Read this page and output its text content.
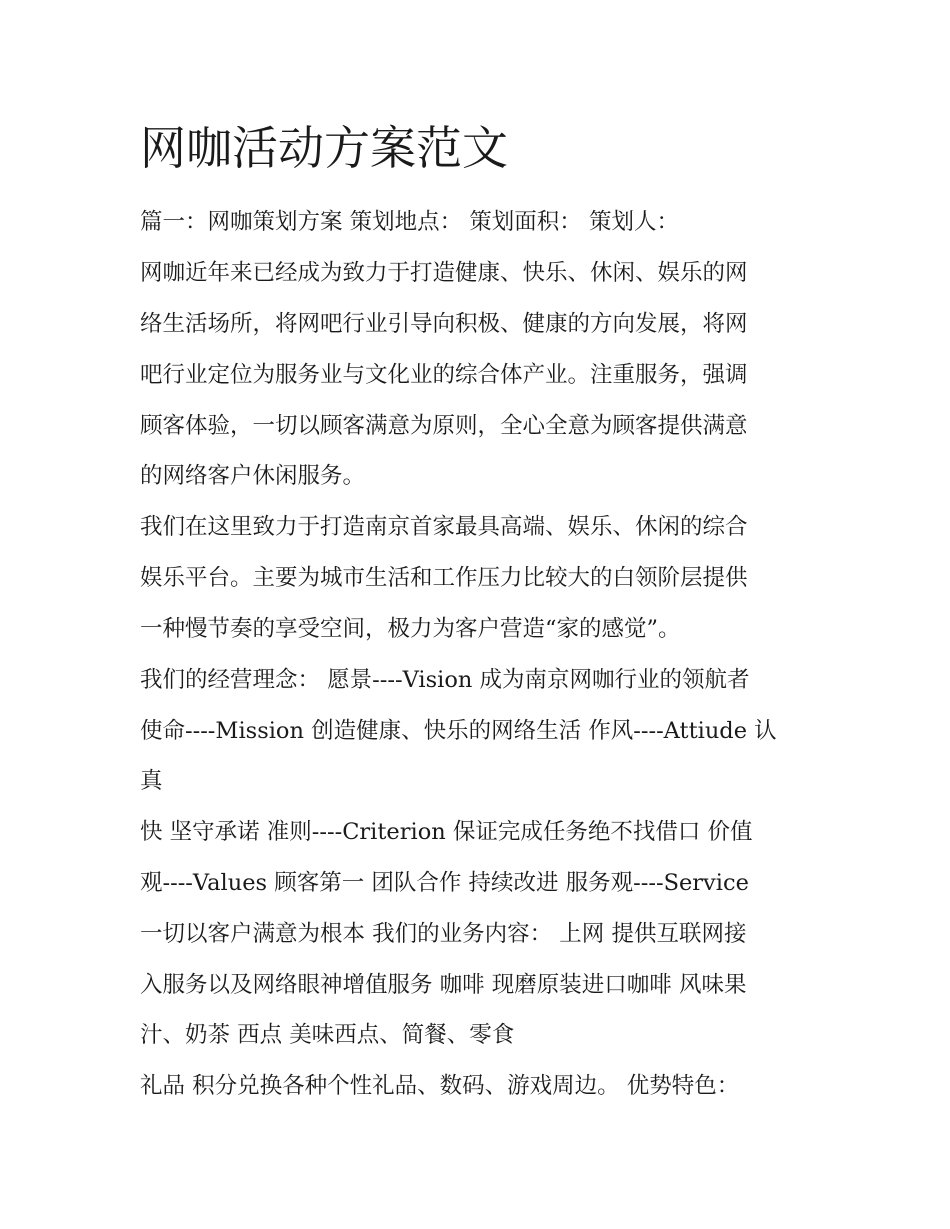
网咖活动方案范文

篇一：网咖策划方案 策划地点： 策划面积： 策划人：

网咖近年来已经成为致力于打造健康、快乐、休闲、娱乐的网

络生活场所，将网吧行业引导向积极、健康的方向发展，将网

吧行业定位为服务业与文化业的综合体产业。注重服务，强调

顾客体验，一切以顾客满意为原则，全心全意为顾客提供满意

的网络客户休闲服务。

我们在这里致力于打造南京首家最具高端、娱乐、休闲的综合

娱乐平台。主要为城市生活和工作压力比较大的白领阶层提供

一种慢节奏的享受空间，极力为客户营造“家的感觉”。

我们的经营理念： 愿景----Vision 成为南京网咖行业的领航者

使命----Mission 创造健康、快乐的网络生活 作风----Attiude 认

真

快 坚守承诺 准则----Criterion 保证完成任务绝不找借口 价值

观----Values 顾客第一 团队合作 持续改进 服务观----Service

一切以客户满意为根本 我们的业务内容： 上网 提供互联网接

入服务以及网络眼神增值服务 咖啡 现磨原装进口咖啡 风味果

汁、奶茶 西点 美味西点、简餐、零食

礼品 积分兑换各种个性礼品、数码、游戏周边。 优势特色：
